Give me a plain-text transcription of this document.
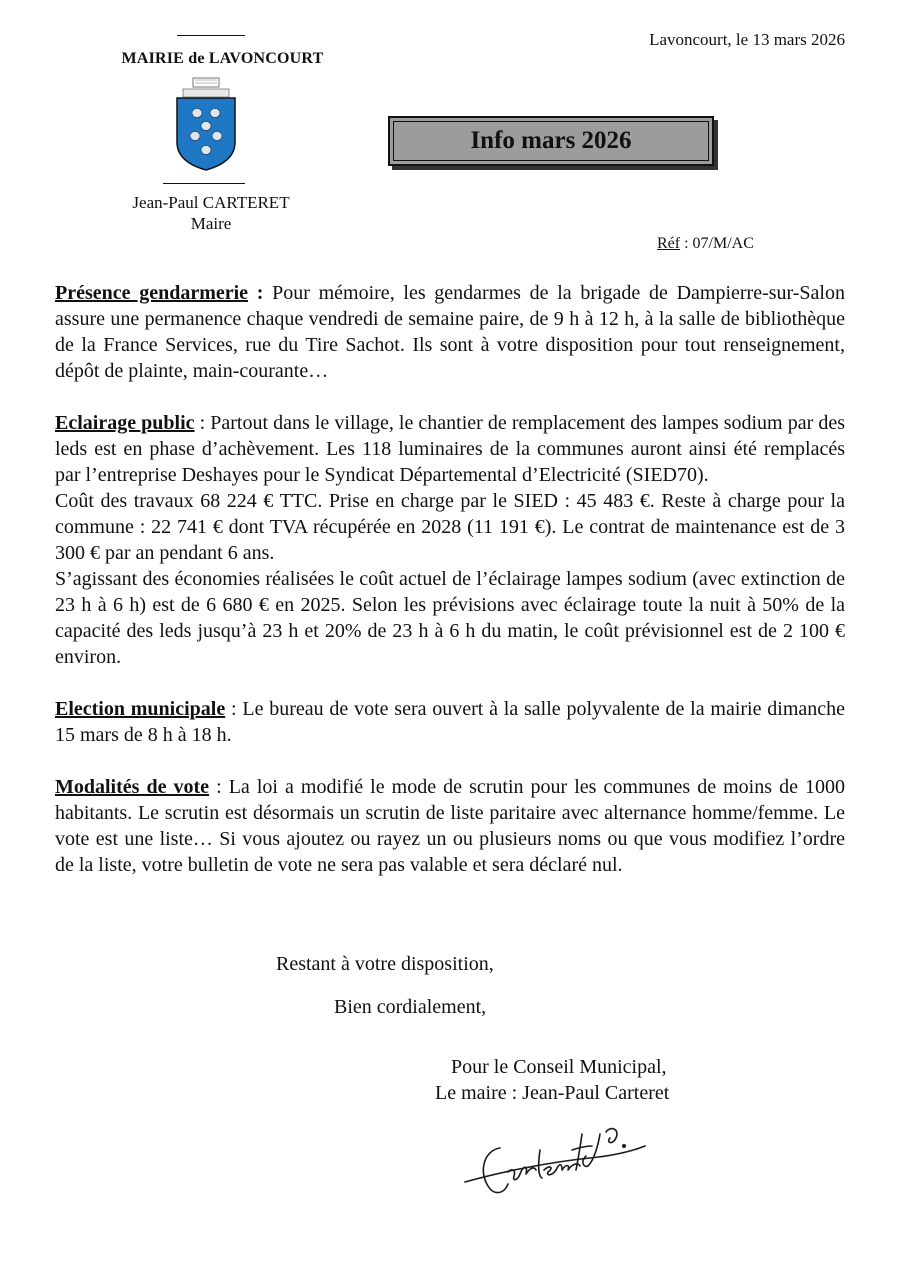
MAIRIE de LAVONCOURT
Jean-Paul CARTERET
Maire
Lavoncourt, le 13 mars 2026
Info mars 2026
Réf : 07/M/AC

Présence gendarmerie : Pour mémoire, les gendarmes de la brigade de Dampierre-sur-Salon assure une permanence chaque vendredi de semaine paire, de 9 h à 12 h, à la salle de bibliothèque de la France Services, rue du Tire Sachot. Ils sont à votre disposition pour tout renseignement, dépôt de plainte, main-courante…

Eclairage public : Partout dans le village, le chantier de remplacement des lampes sodium par des leds est en phase d’achèvement. Les 118 luminaires de la communes auront ainsi été remplacés par l’entreprise Deshayes pour le Syndicat Départemental d’Electricité (SIED70).

Coût des travaux 68 224 € TTC. Prise en charge par le SIED : 45 483 €. Reste à charge pour la commune : 22 741 € dont TVA récupérée en 2028 (11 191 €). Le contrat de maintenance est de 3 300 € par an pendant 6 ans.

S’agissant des économies réalisées le coût actuel de l’éclairage lampes sodium (avec extinction de 23 h à 6 h) est de 6 680 € en 2025. Selon les prévisions avec éclairage toute la nuit à 50% de la capacité des leds jusqu’à 23 h et 20% de 23 h à 6 h du matin, le coût prévisionnel est de 2 100 € environ.

Election municipale : Le bureau de vote sera ouvert à la salle polyvalente de la mairie dimanche 15 mars de 8 h à 18 h.

Modalités de vote : La loi a modifié le mode de scrutin pour les communes de moins de 1000 habitants. Le scrutin est désormais un scrutin de liste paritaire avec alternance homme/femme. Le vote est une liste… Si vous ajoutez ou rayez un ou plusieurs noms ou que vous modifiez l’ordre de la liste, votre bulletin de vote ne sera pas valable et sera déclaré nul.

Restant à votre disposition,
Bien cordialement,
Pour le Conseil Municipal,
Le maire : Jean-Paul Carteret
